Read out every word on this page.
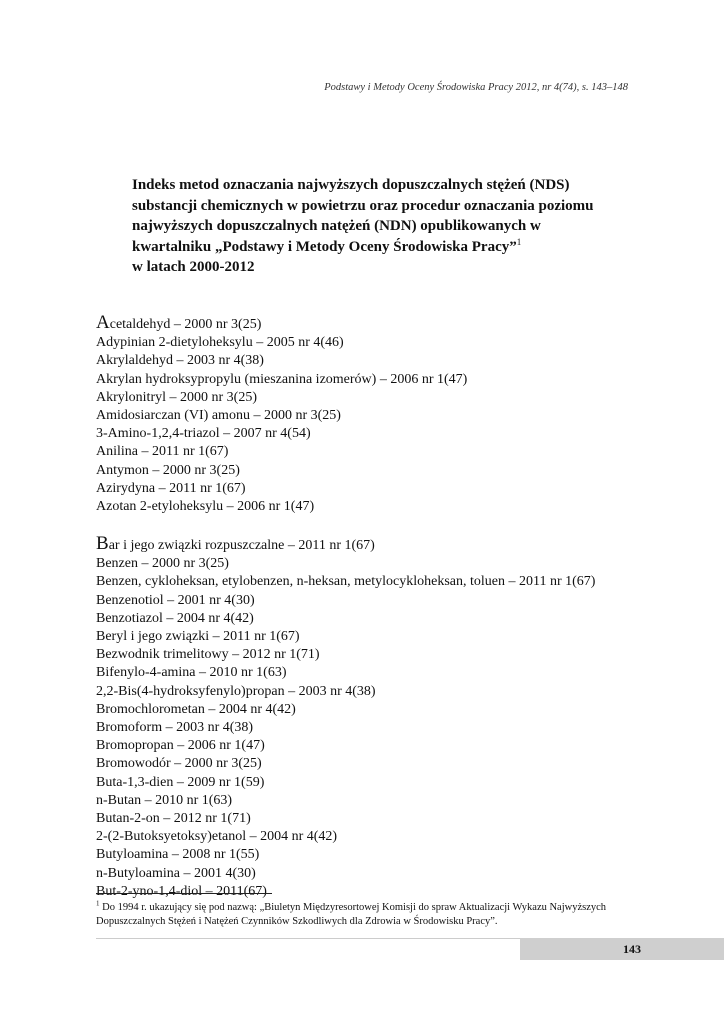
Podstawy i Metody Oceny Środowiska Pracy 2012, nr 4(74), s. 143–148
Indeks metod oznaczania najwyższych dopuszczalnych stężeń (NDS)
substancji chemicznych w powietrzu oraz procedur oznaczania poziomu
najwyższych dopuszczalnych natężeń (NDN) opublikowanych w
kwartalniku „Podstawy i Metody Oceny Środowiska Pracy”$^1$
w latach 2000-2012
Acetaldehyd – 2000 nr 3(25)
Adypinian 2-dietyloheksylu – 2005 nr 4(46)
Akrylaldehyd – 2003 nr 4(38)
Akrylan hydroksypropylu (mieszanina izomerów) – 2006 nr 1(47)
Akrylonitryl – 2000 nr 3(25)
Amidosiarczan (VI) amonu – 2000 nr 3(25)
3-Amino-1,2,4-triazol – 2007 nr 4(54)
Anilina – 2011 nr 1(67)
Antymon – 2000 nr 3(25)
Azirydyna – 2011 nr 1(67)
Azotan 2-etyloheksylu – 2006 nr 1(47)
Bar i jego związki rozpuszczalne – 2011 nr 1(67)
Benzen – 2000 nr 3(25)
Benzen, cykloheksan, etylobenzen, n-heksan, metylocykloheksan, toluen – 2011 nr 1(67)
Benzenotiol – 2001 nr 4(30)
Benzotiazol – 2004 nr 4(42)
Beryl i jego związki – 2011 nr 1(67)
Bezwodnik trimelitowy – 2012 nr 1(71)
Bifenylo-4-amina – 2010 nr 1(63)
2,2-Bis(4-hydroksyfenylo)propan – 2003 nr 4(38)
Bromochlorometan – 2004 nr 4(42)
Bromoform – 2003 nr 4(38)
Bromopropan – 2006 nr 1(47)
Bromowodór – 2000 nr 3(25)
Buta-1,3-dien – 2009 nr 1(59)
n-Butan – 2010 nr 1(63)
Butan-2-on – 2012 nr 1(71)
2-(2-Butoksyetoksy)etanol – 2004 nr 4(42)
Butyloamina – 2008 nr 1(55)
n-Butyloamina – 2001 4(30)
But-2-yno-1,4-diol – 2011(67)
$^1$ Do 1994 r. ukazujący się pod nazwą: „Biuletyn Międzyresortowej Komisji do spraw Aktualizacji Wykazu Najwyższych Dopuszczalnych Stężeń i Natężeń Czynników Szkodliwych dla Zdrowia w Środowisku Pracy”.
143
